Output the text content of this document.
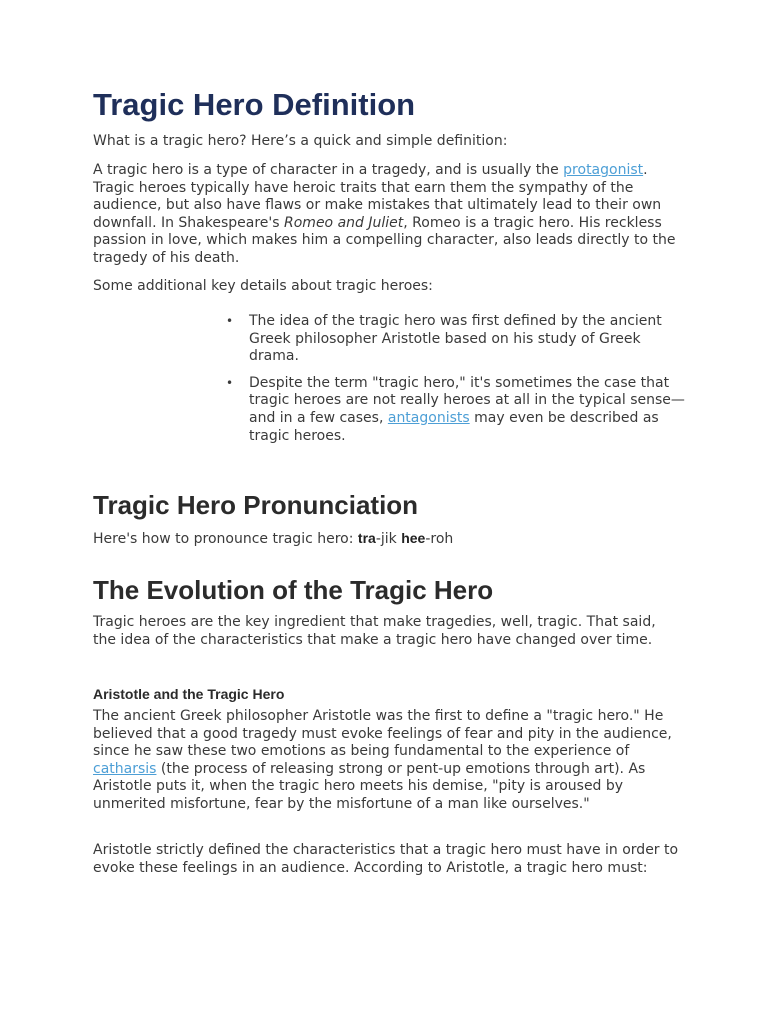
Tragic Hero Definition

What is a tragic hero? Here’s a quick and simple definition:

A tragic hero is a type of character in a tragedy, and is usually the protagonist. Tragic heroes typically have heroic traits that earn them the sympathy of the audience, but also have flaws or make mistakes that ultimately lead to their own downfall. In Shakespeare's Romeo and Juliet, Romeo is a tragic hero. His reckless passion in love, which makes him a compelling character, also leads directly to the tragedy of his death.

Some additional key details about tragic heroes:

• The idea of the tragic hero was first defined by the ancient Greek philosopher Aristotle based on his study of Greek drama.
• Despite the term "tragic hero," it's sometimes the case that tragic heroes are not really heroes at all in the typical sense—and in a few cases, antagonists may even be described as tragic heroes.
Tragic Hero Pronunciation

Here's how to pronounce tragic hero: tra-jik hee-roh

The Evolution of the Tragic Hero

Tragic heroes are the key ingredient that make tragedies, well, tragic. That said, the idea of the characteristics that make a tragic hero have changed over time.

Aristotle and the Tragic Hero

The ancient Greek philosopher Aristotle was the first to define a "tragic hero." He believed that a good tragedy must evoke feelings of fear and pity in the audience, since he saw these two emotions as being fundamental to the experience of catharsis (the process of releasing strong or pent-up emotions through art). As Aristotle puts it, when the tragic hero meets his demise, "pity is aroused by unmerited misfortune, fear by the misfortune of a man like ourselves."

Aristotle strictly defined the characteristics that a tragic hero must have in order to evoke these feelings in an audience. According to Aristotle, a tragic hero must:
